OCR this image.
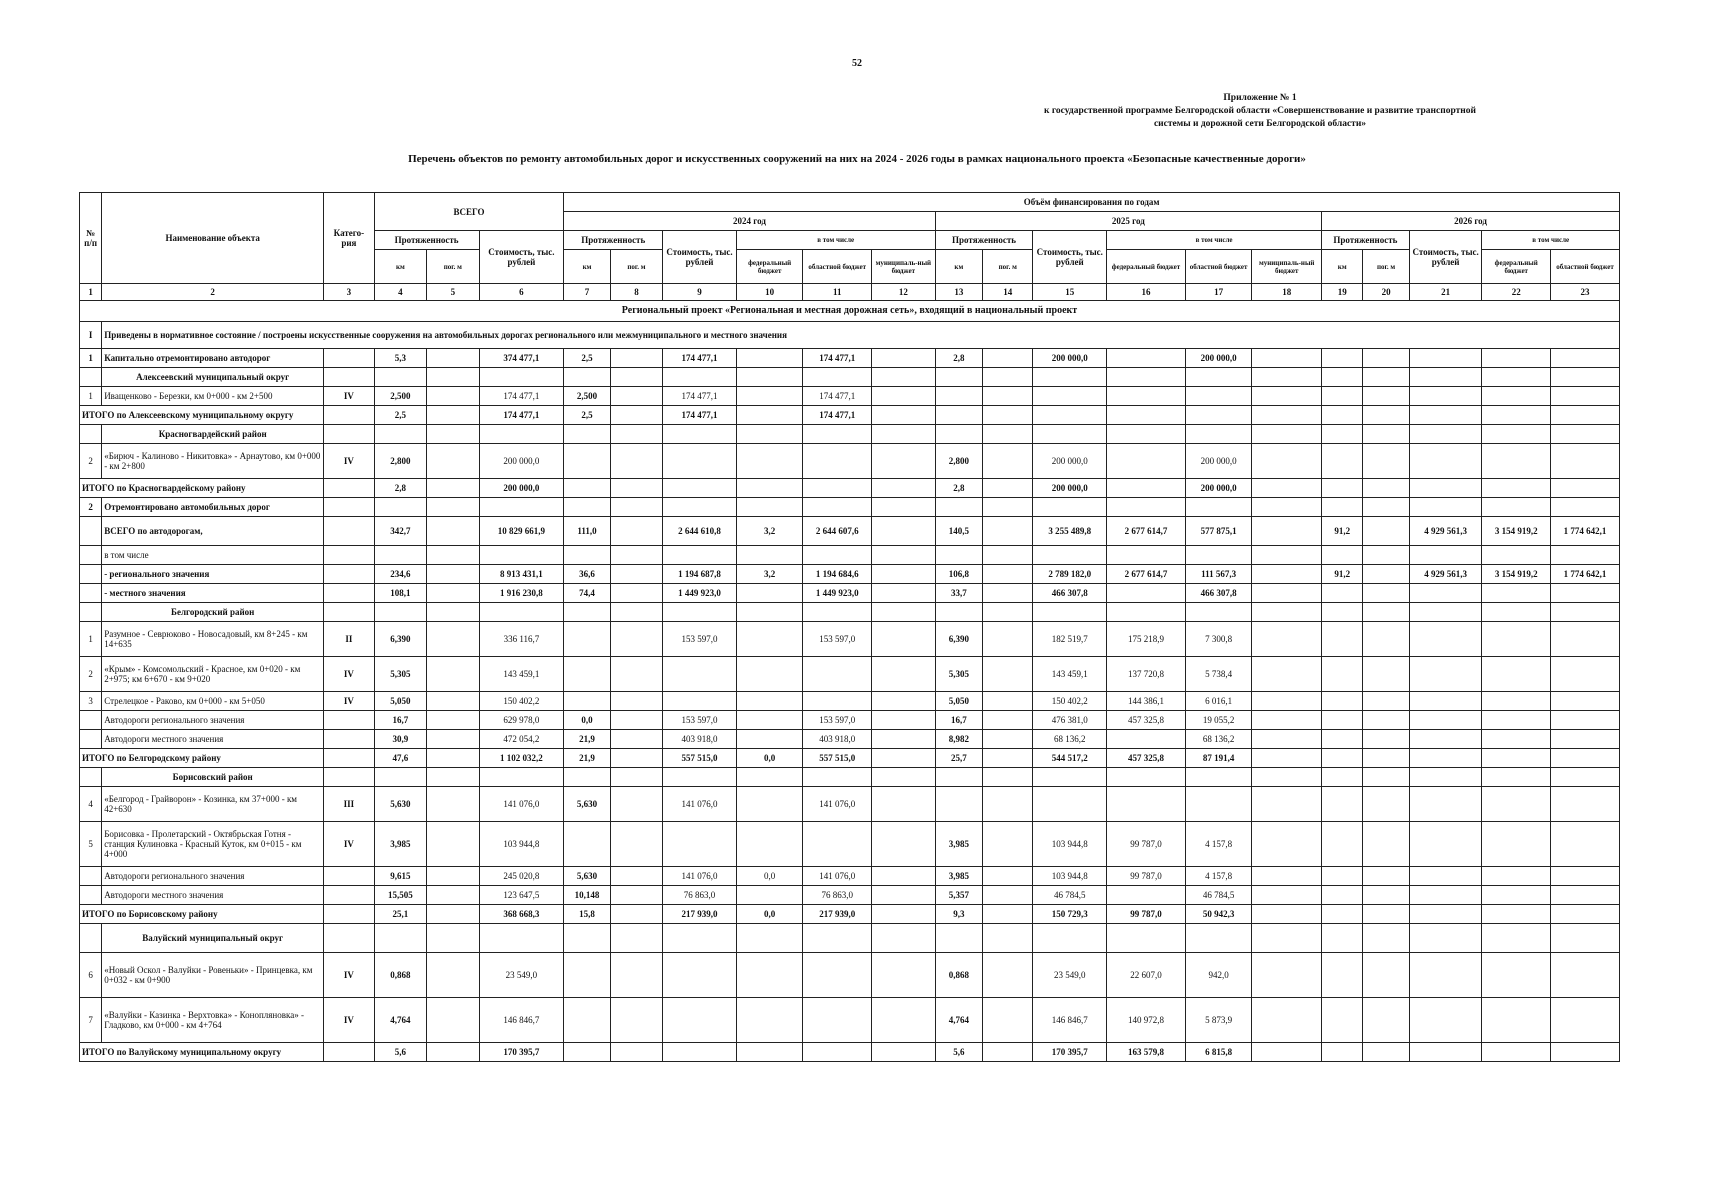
52
Приложение № 1
к государственной программе Белгородской области «Совершенствование и развитие транспортной
системы и дорожной сети Белгородской области»
Перечень объектов по ремонту автомобильных дорог и искусственных сооружений на них на 2024 - 2026 годы в рамках национального проекта «Безопасные качественные дороги»
№ п/п	Наименование объекта	Катего-рия	ВСЕГО			Объём финансирования по годам																
						2024 год						2025 год						2026 год				
			Протяженность		Стоимость, тыс. рублей	Протяженность		Стоимость, тыс. рублей	в том числе			Протяженность		Стоимость, тыс. рублей	в том числе			Протяженность		Стоимость, тыс. рублей	в том числе	
			км	пог. м		км	пог. м		федеральный бюджет	областной бюджет	муниципаль-ный бюджет	км	пог. м		федеральный бюджет	областной бюджет	муниципаль-ный бюджет	км	пог. м		федеральный бюджет	областной бюджет
1	2	3	4	5	6	7	8	9	10	11	12	13	14	15	16	17	18	19	20	21	22	23
Региональный проект «Региональная и местная дорожная сеть», входящий в национальный проект																						
I	Приведены в нормативное состояние / построены искусственные сооружения на автомобильных дорогах регионального или межмуниципального и местного значения																					
1	Капитально отремонтировано автодорог		5,3		374 477,1	2,5		174 477,1		174 477,1		2,8		200 000,0		200 000,0						
	Алексеевский муниципальный округ																					
1	Иващенково - Березки, км 0+000 - км 2+500	IV	2,500		174 477,1	2,500		174 477,1		174 477,1												
ИТОГО по Алексеевскому муниципальному округу			2,5		174 477,1	2,5		174 477,1		174 477,1												
	Красногвардейский район																					
2	«Бирюч - Калиново - Никитовка» - Арнаутово, км 0+000 - км 2+800	IV	2,800		200 000,0							2,800		200 000,0		200 000,0						
ИТОГО по Красногвардейскому району			2,8		200 000,0							2,8		200 000,0		200 000,0						
2	Отремонтировано автомобильных дорог																					
	ВСЕГО по автодорогам,		342,7		10 829 661,9	111,0		2 644 610,8	3,2	2 644 607,6		140,5		3 255 489,8	2 677 614,7	577 875,1		91,2		4 929 561,3	3 154 919,2	1 774 642,1
	в том числе																					
	- регионального значения		234,6		8 913 431,1	36,6		1 194 687,8	3,2	1 194 684,6		106,8		2 789 182,0	2 677 614,7	111 567,3		91,2		4 929 561,3	3 154 919,2	1 774 642,1
	- местного значения		108,1		1 916 230,8	74,4		1 449 923,0		1 449 923,0		33,7		466 307,8		466 307,8						
	Белгородский район																					
1	Разумное - Севрюково - Новосадовый, км 8+245 - км 14+635	II	6,390		336 116,7			153 597,0		153 597,0		6,390		182 519,7	175 218,9	7 300,8						
2	«Крым» - Комсомольский - Красное, км 0+020 - км 2+975; км 6+670 - км 9+020	IV	5,305		143 459,1							5,305		143 459,1	137 720,8	5 738,4						
3	Стрелецкое - Раково, км 0+000 - км 5+050	IV	5,050		150 402,2							5,050		150 402,2	144 386,1	6 016,1						
	Автодороги регионального значения		16,7		629 978,0	0,0		153 597,0		153 597,0		16,7		476 381,0	457 325,8	19 055,2						
	Автодороги местного значения		30,9		472 054,2	21,9		403 918,0		403 918,0		8,982		68 136,2		68 136,2						
ИТОГО по Белгородскому району			47,6		1 102 032,2	21,9		557 515,0	0,0	557 515,0		25,7		544 517,2	457 325,8	87 191,4						
	Борисовский район																					
4	«Белгород - Грайворон» - Козинка, км 37+000 - км 42+630	III	5,630		141 076,0	5,630		141 076,0		141 076,0												
5	Борисовка - Пролетарский - Октябрьская Готня - станция Кулиновка - Красный Куток, км 0+015 - км 4+000	IV	3,985		103 944,8							3,985		103 944,8	99 787,0	4 157,8						
	Автодороги регионального значения		9,615		245 020,8	5,630		141 076,0	0,0	141 076,0		3,985		103 944,8	99 787,0	4 157,8						
	Автодороги местного значения		15,505		123 647,5	10,148		76 863,0		76 863,0		5,357		46 784,5		46 784,5						
ИТОГО по Борисовскому району			25,1		368 668,3	15,8		217 939,0	0,0	217 939,0		9,3		150 729,3	99 787,0	50 942,3						
	Валуйский муниципальный округ																					
6	«Новый Оскол - Валуйки - Ровеньки» - Принцевка, км 0+032 - км 0+900	IV	0,868		23 549,0							0,868		23 549,0	22 607,0	942,0						
7	«Валуйки - Казинка - Верхтовка» - Конопляновка» - Гладково, км 0+000 - км 4+764	IV	4,764		146 846,7							4,764		146 846,7	140 972,8	5 873,9						
ИТОГО по Валуйскому муниципальному округу			5,6		170 395,7							5,6		170 395,7	163 579,8	6 815,8						
